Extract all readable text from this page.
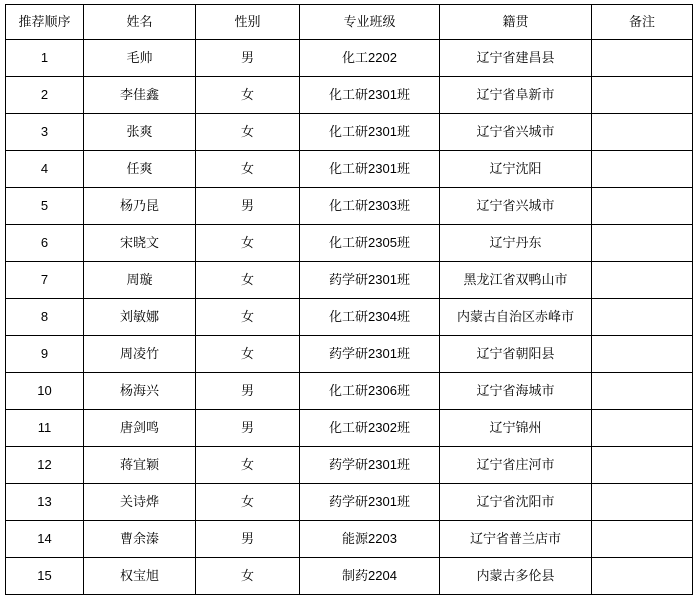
推荐顺序	姓名	性别	专业班级	籍贯	备注
1	毛帅	男	化工2202	辽宁省建昌县	
2	李佳鑫	女	化工研2301班	辽宁省阜新市	
3	张爽	女	化工研2301班	辽宁省兴城市	
4	任爽	女	化工研2301班	辽宁沈阳	
5	杨乃昆	男	化工研2303班	辽宁省兴城市	
6	宋晓文	女	化工研2305班	辽宁丹东	
7	周璇	女	药学研2301班	黑龙江省双鸭山市	
8	刘敏娜	女	化工研2304班	内蒙古自治区赤峰市	
9	周凌竹	女	药学研2301班	辽宁省朝阳县	
10	杨海兴	男	化工研2306班	辽宁省海城市	
11	唐剑鸣	男	化工研2302班	辽宁锦州	
12	蒋宜颖	女	药学研2301班	辽宁省庄河市	
13	关诗烨	女	药学研2301班	辽宁省沈阳市	
14	曹余溱	男	能源2203	辽宁省普兰店市	
15	权宝旭	女	制药2204	内蒙古多伦县	
